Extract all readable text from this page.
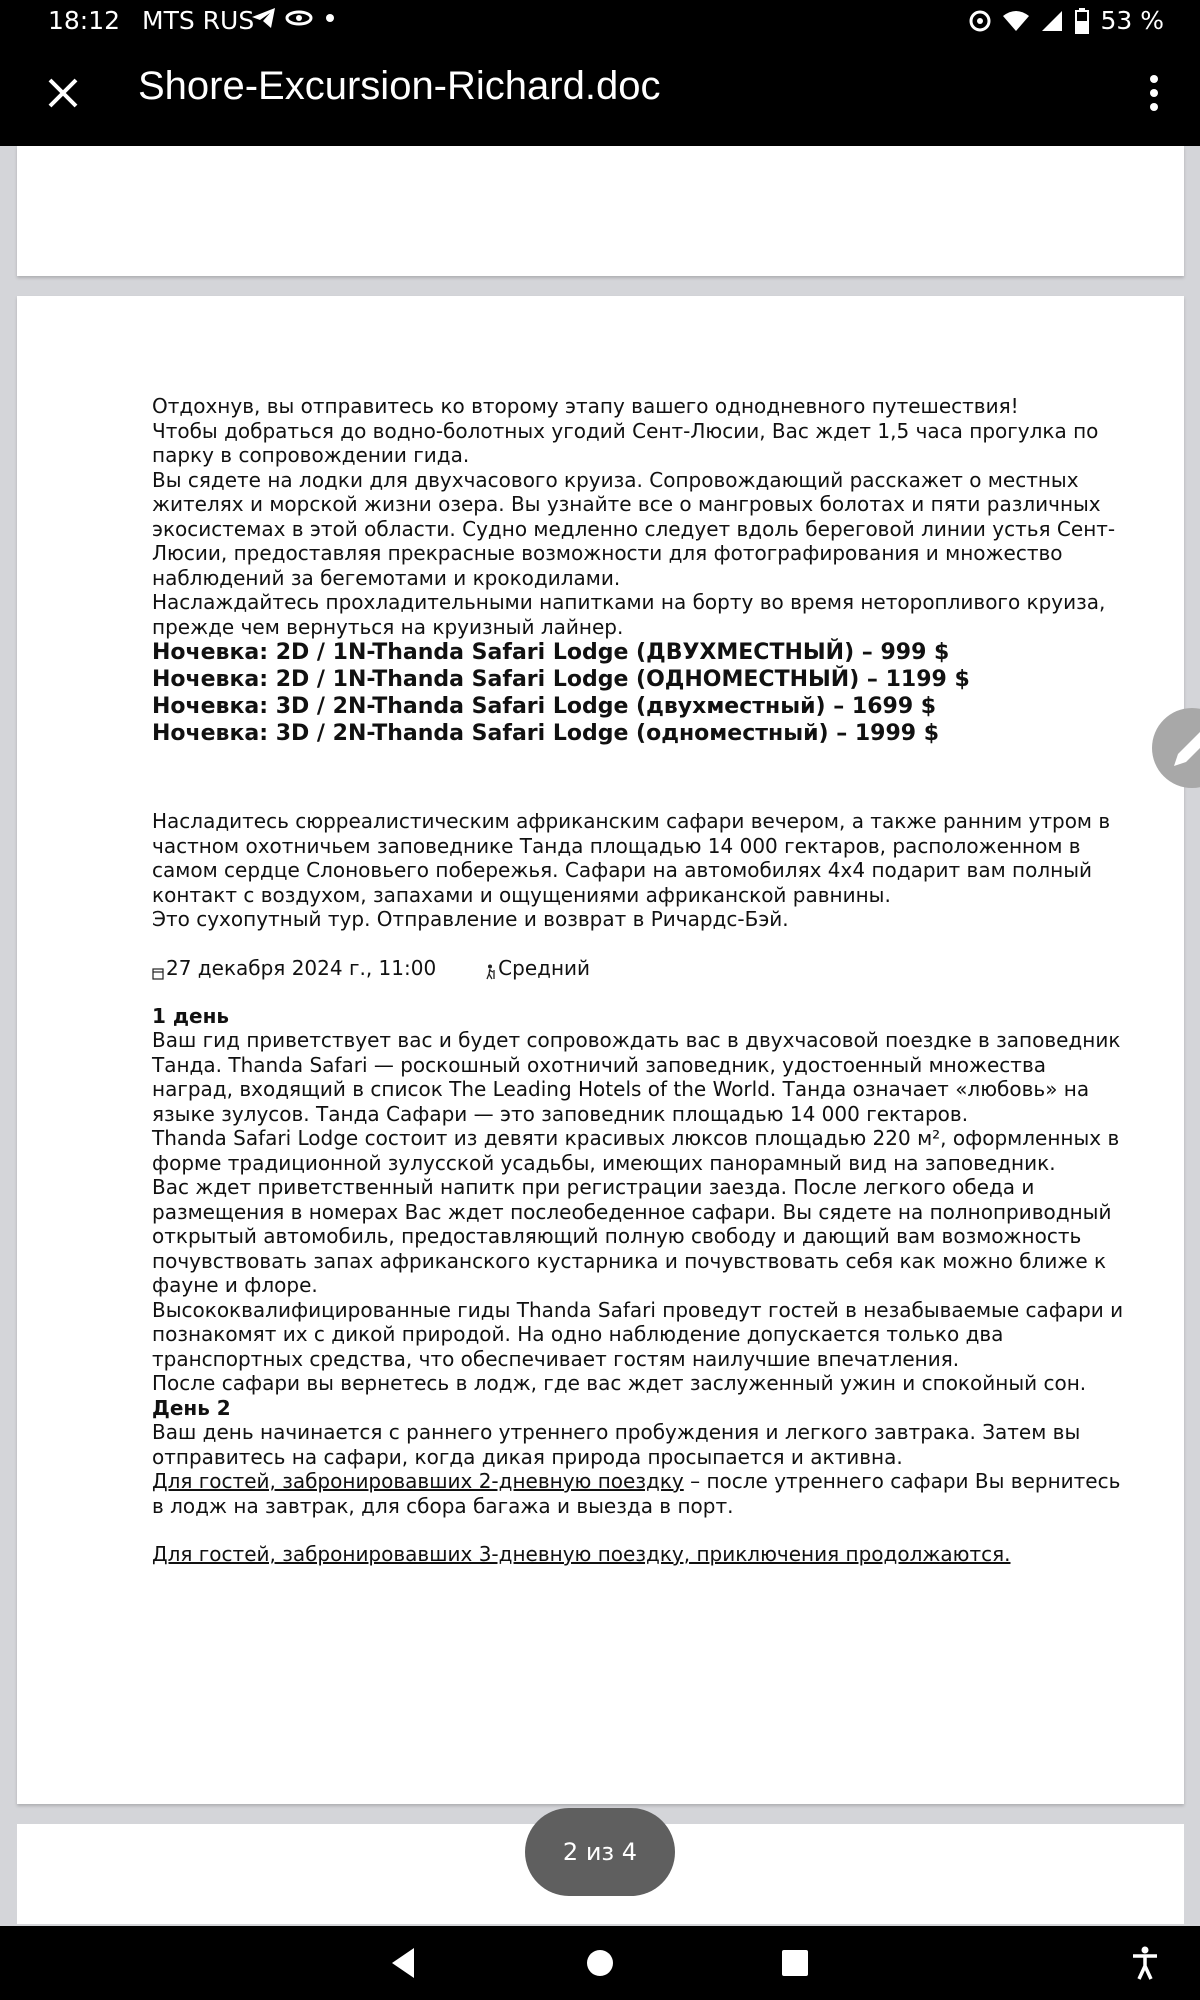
18:12 MTS RUS
	53 %
Shore-Excursion-Richard.doc

Отдохнув, вы отправитесь ко второму этапу вашего однодневного путешествия!

Чтобы добраться до водно-болотных угодий Сент-Люсии, Вас ждет 1,5 часа прогулка по парку в сопровождении гида.

Вы сядете на лодки для двухчасового круиза. Сопровождающий расскажет о местных жителях и морской жизни озера. Вы узнайте все о мангровых болотах и пяти различных экосистемах в этой области. Судно медленно следует вдоль береговой линии устья Сент-Люсии, предоставляя прекрасные возможности для фотографирования и множество наблюдений за бегемотами и крокодилами.

Наслаждайтесь прохладительными напитками на борту во время неторопливого круиза, прежде чем вернуться на круизный лайнер.

Ночевка: 2D / 1N-Thanda Safari Lodge (ДВУХМЕСТНЫЙ) – 999 $

Ночевка: 2D / 1N-Thanda Safari Lodge (ОДНОМЕСТНЫЙ) – 1199 $

Ночевка: 3D / 2N-Thanda Safari Lodge (двухместный) – 1699 $

Ночевка: 3D / 2N-Thanda Safari Lodge (одноместный) – 1999 $

Насладитесь сюрреалистическим африканским сафари вечером, а также ранним утром в частном охотничьем заповеднике Танда площадью 14 000 гектаров, расположенном в самом сердце Слоновьего побережья. Сафари на автомобилях 4x4 подарит вам полный контакт с воздухом, запахами и ощущениями африканской равнины.

Это сухопутный тур. Отправление и возврат в Ричардс-Бэй.

27 декабря 2024 г., 11:00	Средний

1 день

Ваш гид приветствует вас и будет сопровождать вас в двухчасовой поездке в заповедник Танда. Thanda Safari — роскошный охотничий заповедник, удостоенный множества наград, входящий в список The Leading Hotels of the World. Танда означает «любовь» на языке зулусов. Танда Сафари — это заповедник площадью 14 000 гектаров.

Thanda Safari Lodge состоит из девяти красивых люксов площадью 220 м², оформленных в форме традиционной зулусской усадьбы, имеющих панорамный вид на заповедник.

Вас ждет приветственный напитк при регистрации заезда. После легкого обеда и размещения в номерах Вас ждет послеобеденное сафари. Вы сядете на полноприводный открытый автомобиль, предоставляющий полную свободу и дающий вам возможность почувствовать запах африканского кустарника и почувствовать себя как можно ближе к фауне и флоре.

Высококвалифицированные гиды Thanda Safari проведут гостей в незабываемые сафари и познакомят их с дикой природой. На одно наблюдение допускается только два транспортных средства, что обеспечивает гостям наилучшие впечатления.

После сафари вы вернетесь в лодж, где вас ждет заслуженный ужин и спокойный сон.

День 2

Ваш день начинается с раннего утреннего пробуждения и легкого завтрака. Затем вы отправитесь на сафари, когда дикая природа просыпается и активна.

Для гостей, забронировавших 2-дневную поездку – после утреннего сафари Вы вернитесь в лодж на завтрак, для сбора багажа и выезда в порт.

Для гостей, забронировавших 3-дневную поездку, приключения продолжаются.

2 из 4
